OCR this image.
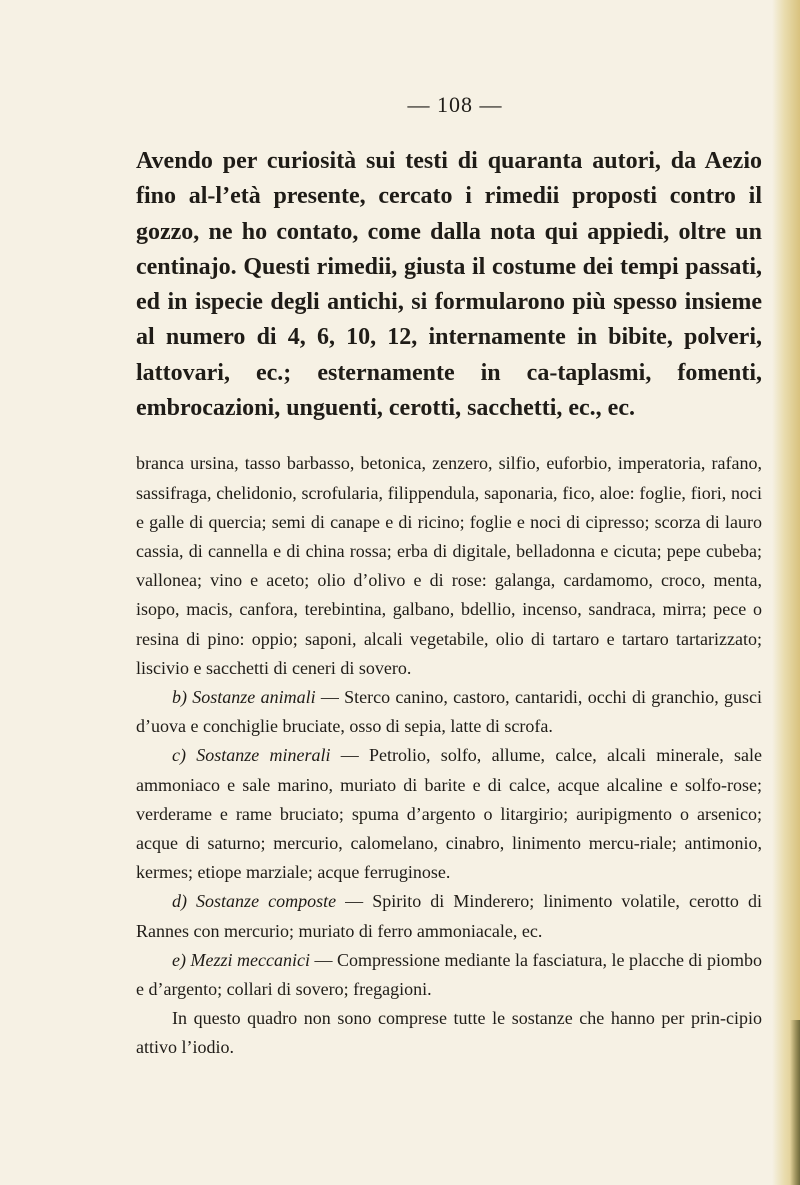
— 108 —

Avendo per curiosità sui testi di quaranta autori, da Aezio fino al-l’età presente, cercato i rimedii proposti contro il gozzo, ne ho contato, come dalla nota qui appiedi, oltre un centinajo. Questi rimedii, giusta il costume dei tempi passati, ed in ispecie degli antichi, si formularono più spesso insieme al numero di 4, 6, 10, 12, internamente in bibite, polveri, lattovari, ec.; esternamente in ca-taplasmi, fomenti, embrocazioni, unguenti, cerotti, sacchetti, ec., ec.

branca ursina, tasso barbasso, betonica, zenzero, silfio, euforbio, imperatoria, rafano, sassifraga, chelidonio, scrofularia, filippendula, saponaria, fico, aloe: foglie, fiori, noci e galle di quercia; semi di canape e di ricino; foglie e noci di cipresso; scorza di lauro cassia, di cannella e di china rossa; erba di digitale, belladonna e cicuta; pepe cubeba; vallonea; vino e aceto; olio d’olivo e di rose: galanga, cardamomo, croco, menta, isopo, macis, canfora, terebintina, galbano, bdellio, incenso, sandraca, mirra; pece o resina di pino: oppio; saponi, alcali vegetabile, olio di tartaro e tartaro tartarizzato; liscivio e sacchetti di ceneri di sovero.

b) Sostanze animali — Sterco canino, castoro, cantaridi, occhi di granchio, gusci d’uova e conchiglie bruciate, osso di sepia, latte di scrofa.

c) Sostanze minerali — Petrolio, solfo, allume, calce, alcali minerale, sale ammoniaco e sale marino, muriato di barite e di calce, acque alcaline e solfo-rose; verderame e rame bruciato; spuma d’argento o litargirio; auripigmento o arsenico; acque di saturno; mercurio, calomelano, cinabro, linimento mercu-riale; antimonio, kermes; etiope marziale; acque ferruginose.

d) Sostanze composte — Spirito di Minderero; linimento volatile, cerotto di Rannes con mercurio; muriato di ferro ammoniacale, ec.

e) Mezzi meccanici — Compressione mediante la fasciatura, le placche di piombo e d’argento; collari di sovero; fregagioni.

In questo quadro non sono comprese tutte le sostanze che hanno per prin-cipio attivo l’iodio.
